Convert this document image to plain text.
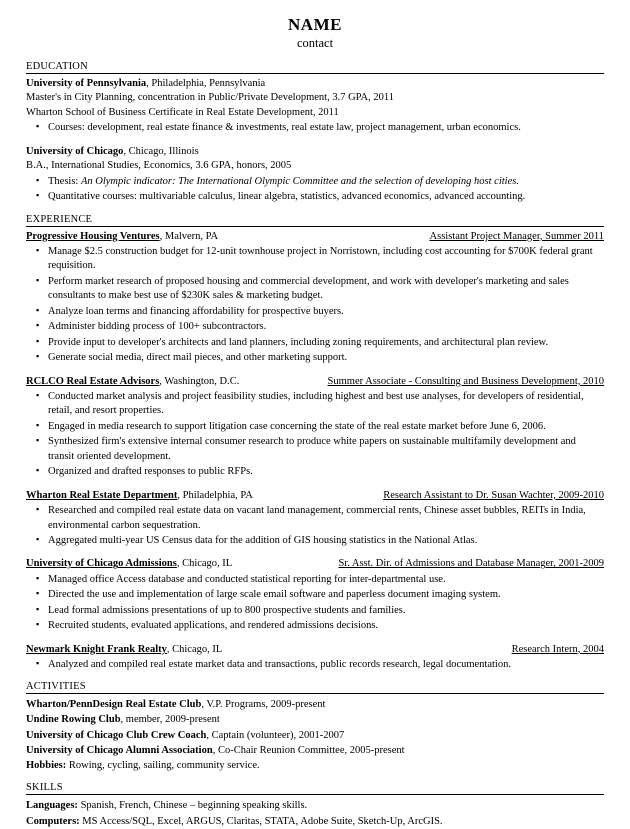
NAME
contact
EDUCATION
University of Pennsylvania, Philadelphia, Pennsylvania
Master's in City Planning, concentration in Public/Private Development, 3.7 GPA, 2011
Wharton School of Business Certificate in Real Estate Development, 2011
▪ Courses: development, real estate finance & investments, real estate law, project management, urban economics.
University of Chicago, Chicago, Illinois
B.A., International Studies, Economics, 3.6 GPA, honors, 2005
▪ Thesis: An Olympic indicator: The International Olympic Committee and the selection of developing host cities.
▪ Quantitative courses: multivariable calculus, linear algebra, statistics, advanced economics, advanced accounting.
EXPERIENCE
Progressive Housing Ventures, Malvern, PA	Assistant Project Manager, Summer 2011
▪ Manage $2.5 construction budget for 12-unit townhouse project in Norristown, including cost accounting for $700K federal grant requisition.
▪ Perform market research of proposed housing and commercial development, and work with developer's marketing and sales consultants to make best use of $230K sales & marketing budget.
▪ Analyze loan terms and financing affordability for prospective buyers.
▪ Administer bidding process of 100+ subcontractors.
▪ Provide input to developer's architects and land planners, including zoning requirements, and architectural plan review.
▪ Generate social media, direct mail pieces, and other marketing support.
RCLCO Real Estate Advisors, Washington, D.C.	Summer Associate - Consulting and Business Development, 2010
▪ Conducted market analysis and project feasibility studies, including highest and best use analyses, for developers of residential, retail, and resort properties.
▪ Engaged in media research to support litigation case concerning the state of the real estate market before June 6, 2006.
▪ Synthesized firm's extensive internal consumer research to produce white papers on sustainable multifamily development and transit oriented development.
▪ Organized and drafted responses to public RFPs.
Wharton Real Estate Department, Philadelphia, PA	Research Assistant to Dr. Susan Wachter, 2009-2010
▪ Researched and compiled real estate data on vacant land management, commercial rents, Chinese asset bubbles, REITs in India, environmental carbon sequestration.
▪ Aggregated multi-year US Census data for the addition of GIS housing statistics in the National Atlas.
University of Chicago Admissions, Chicago, IL	Sr. Asst. Dir. of Admissions and Database Manager, 2001-2009
▪ Managed office Access database and conducted statistical reporting for inter-departmental use.
▪ Directed the use and implementation of large scale email software and paperless document imaging system.
▪ Lead formal admissions presentations of up to 800 prospective students and families.
▪ Recruited students, evaluated applications, and rendered admissions decisions.
Newmark Knight Frank Realty, Chicago, IL	Research Intern, 2004
▪ Analyzed and compiled real estate market data and transactions, public records research, legal documentation.
ACTIVITIES
Wharton/PennDesign Real Estate Club, V.P. Programs, 2009-present
Undine Rowing Club, member, 2009-present
University of Chicago Club Crew Coach, Captain (volunteer), 2001-2007
University of Chicago Alumni Association, Co-Chair Reunion Committee, 2005-present
Hobbies: Rowing, cycling, sailing, community service.
SKILLS
Languages: Spanish, French, Chinese – beginning speaking skills.
Computers: MS Access/SQL, Excel, ARGUS, Claritas, STATA, Adobe Suite, Sketch-Up, ArcGIS.
